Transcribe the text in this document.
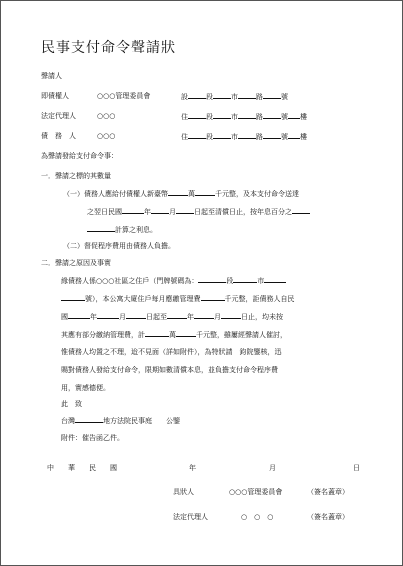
民事支付命令聲請狀
聲請人
即債權人	○○○管理委員會	設	段	市	路	號
法定代理人	○○○	住	段	市	路	號 樓
債　務　人	○○○	住	段	市	路	號 樓
為聲請發給支付命令事：
一．聲請之標的其數量
（一）債務人應給付債權人新臺幣	萬	千元整，及本支付命令送達
之翌日民國	年	月	日起至清償日止，按年息百分之
計算之利息。
（二）督促程序費用由債務人負擔。
二．聲請之原因及事實
緣債務人係○○○社區之住戶（門牌號碼為：	段	市
號），本公寓大廈住戶每月應繳管理費	千元整，詎債務人自民
國	年	月	日起至	年	月	日止，均未按
其應有部分繳納管理費，計	萬	千元整，雖屢經聲請人催討，
惟債務人均置之不理，迨不見面（詳如附件），為特狀請　鈞院鑒核，迅
賜對債務人發給支付命令，限期如數清償本息，並負擔支付命令程序費
用，實感德便。
此　致
台灣	地方法院民事庭　　公鑒
附件：催告函乙件。
中　　華　　民　　國	年	月	日
具狀人	○○○管理委員會	（簽名蓋章）
法定代理人	○　○　○	（簽名蓋章）
